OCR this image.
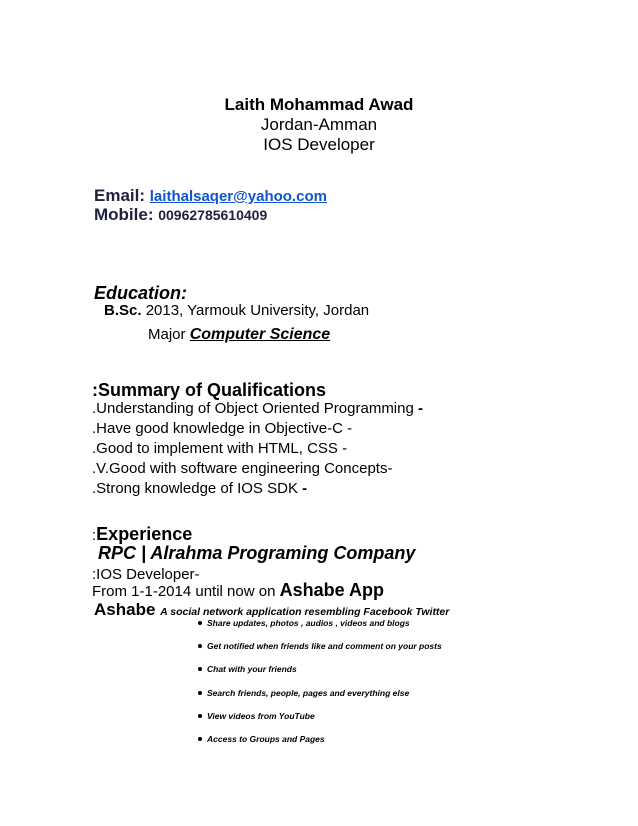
Laith Mohammad Awad
Jordan-Amman
IOS Developer
Email: laithalsaqer@yahoo.com
Mobile: 00962785610409
Education:
B.Sc. 2013, Yarmouk University, Jordan
Major Computer Science
:Summary of Qualifications
.Understanding of Object Oriented Programming -
.Have good knowledge in Objective-C -
.Good to implement with HTML, CSS -
.V.Good with software engineering Concepts-
.Strong knowledge of IOS SDK -
:Experience
RPC | Alrahma Programing Company
:IOS Developer-
From 1-1-2014 until now on Ashabe App
Ashabe A social network application resembling Facebook Twitter
Share updates, photos , audios , videos and blogs
Get notified when friends like and comment on your posts
Chat with your friends
Search friends, people, pages and everything else
View videos from YouTube
Access to Groups and Pages
